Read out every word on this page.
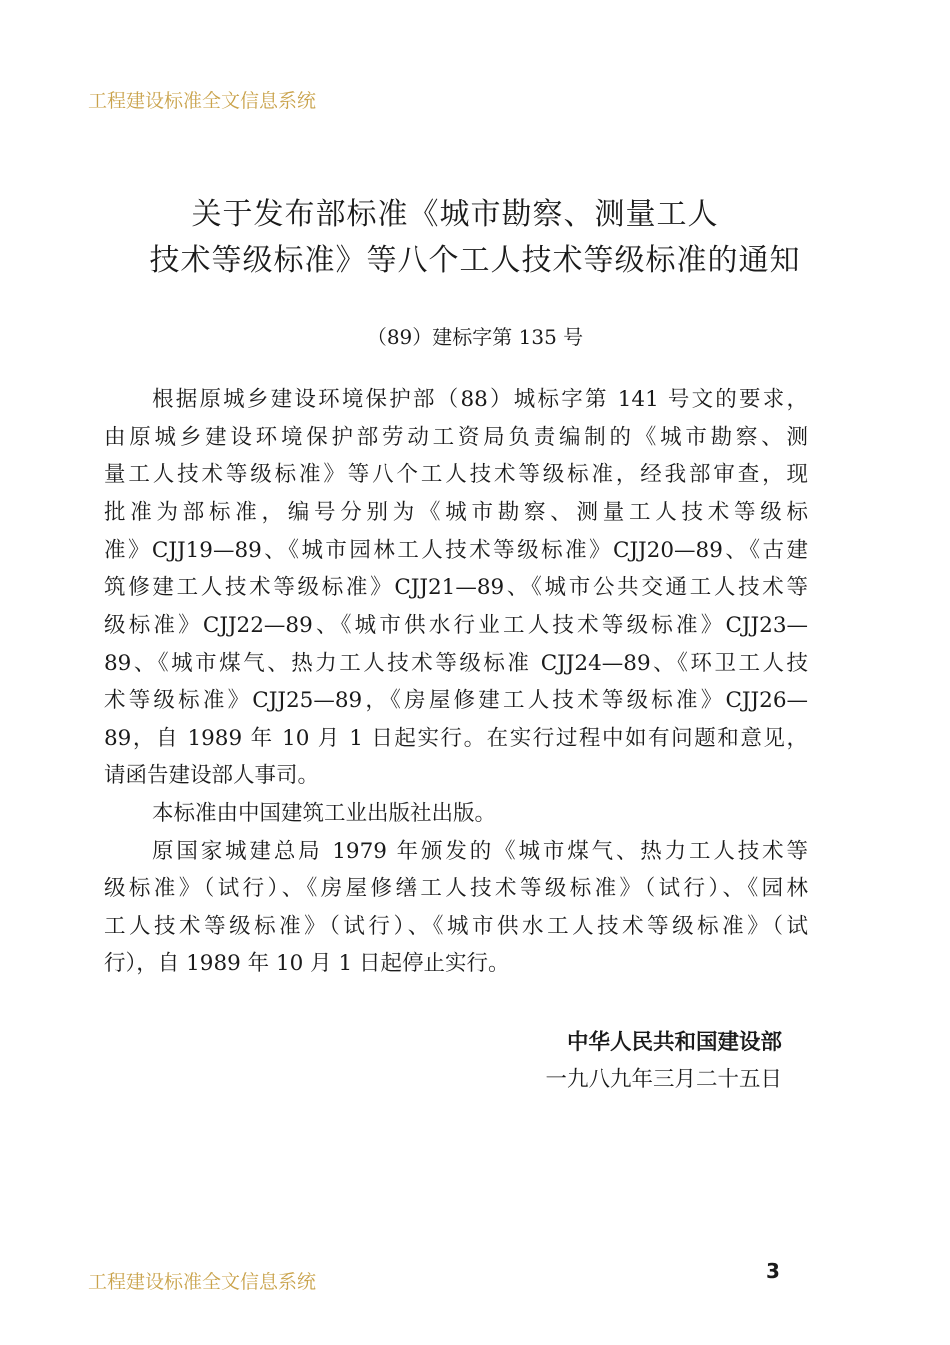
工程建设标准全文信息系统
关于发布部标准《城市勘察、测量工人
技术等级标准》等八个工人技术等级标准的通知
（89）建标字第 135 号
根据原城乡建设环境保护部（88）城标字第 141 号文的要求，
由原城乡建设环境保护部劳动工资局负责编制的《城市勘察、测
量工人技术等级标准》等八个工人技术等级标准，经我部审查，现
批准为部标准，编号分别为《城市勘察、测量工人技术等级标
准》CJJ19—89、《城市园林工人技术等级标准》CJJ20—89、《古建
筑修建工人技术等级标准》CJJ21—89、《城市公共交通工人技术等
级标准》CJJ22—89、《城市供水行业工人技术等级标准》CJJ23—
89、《城市煤气、热力工人技术等级标准 CJJ24—89、《环卫工人技
术等级标准》CJJ25—89，《房屋修建工人技术等级标准》CJJ26—
89，自 1989 年 10 月 1 日起实行。在实行过程中如有问题和意见，
请函告建设部人事司。
本标准由中国建筑工业出版社出版。
原国家城建总局 1979 年颁发的《城市煤气、热力工人技术等
级标准》（试行）、《房屋修缮工人技术等级标准》（试行）、《园林
工人技术等级标准》（试行）、《城市供水工人技术等级标准》（试
行），自 1989 年 10 月 1 日起停止实行。
中华人民共和国建设部
一九八九年三月二十五日
工程建设标准全文信息系统	3
